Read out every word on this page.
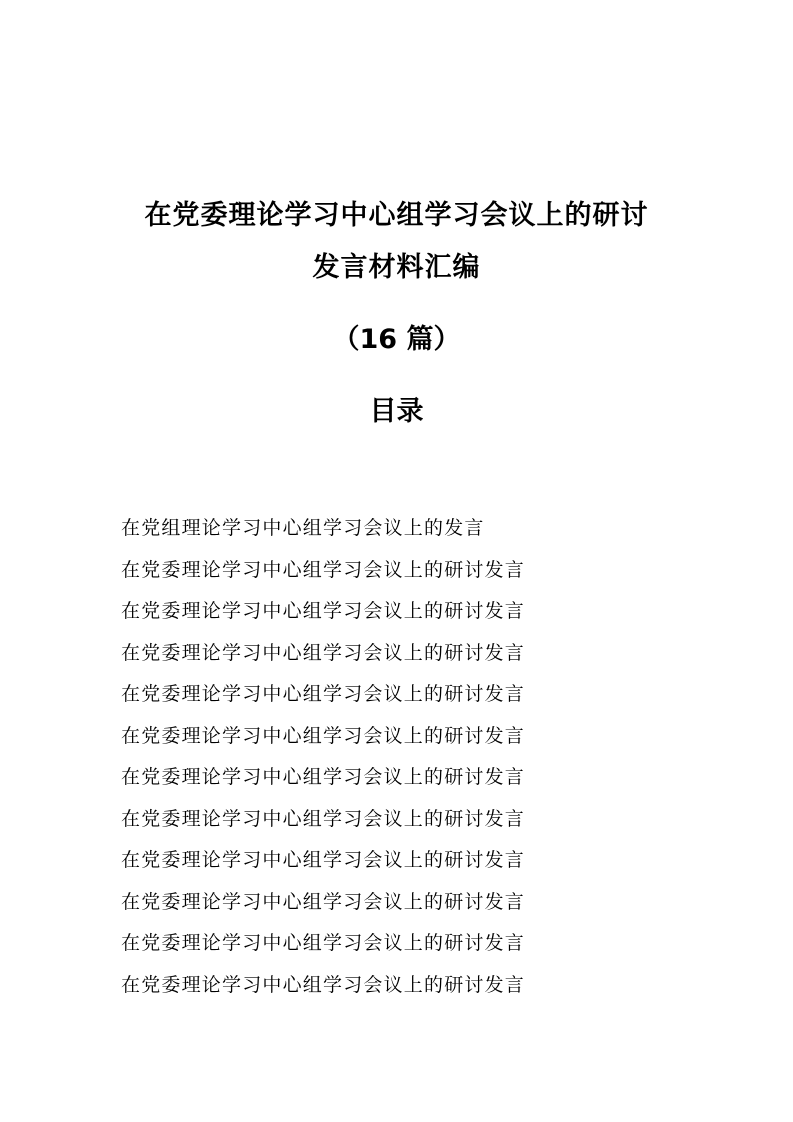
在党委理论学习中心组学习会议上的研讨
发言材料汇编
（16 篇）
目录
在党组理论学习中心组学习会议上的发言
在党委理论学习中心组学习会议上的研讨发言
在党委理论学习中心组学习会议上的研讨发言
在党委理论学习中心组学习会议上的研讨发言
在党委理论学习中心组学习会议上的研讨发言
在党委理论学习中心组学习会议上的研讨发言
在党委理论学习中心组学习会议上的研讨发言
在党委理论学习中心组学习会议上的研讨发言
在党委理论学习中心组学习会议上的研讨发言
在党委理论学习中心组学习会议上的研讨发言
在党委理论学习中心组学习会议上的研讨发言
在党委理论学习中心组学习会议上的研讨发言
